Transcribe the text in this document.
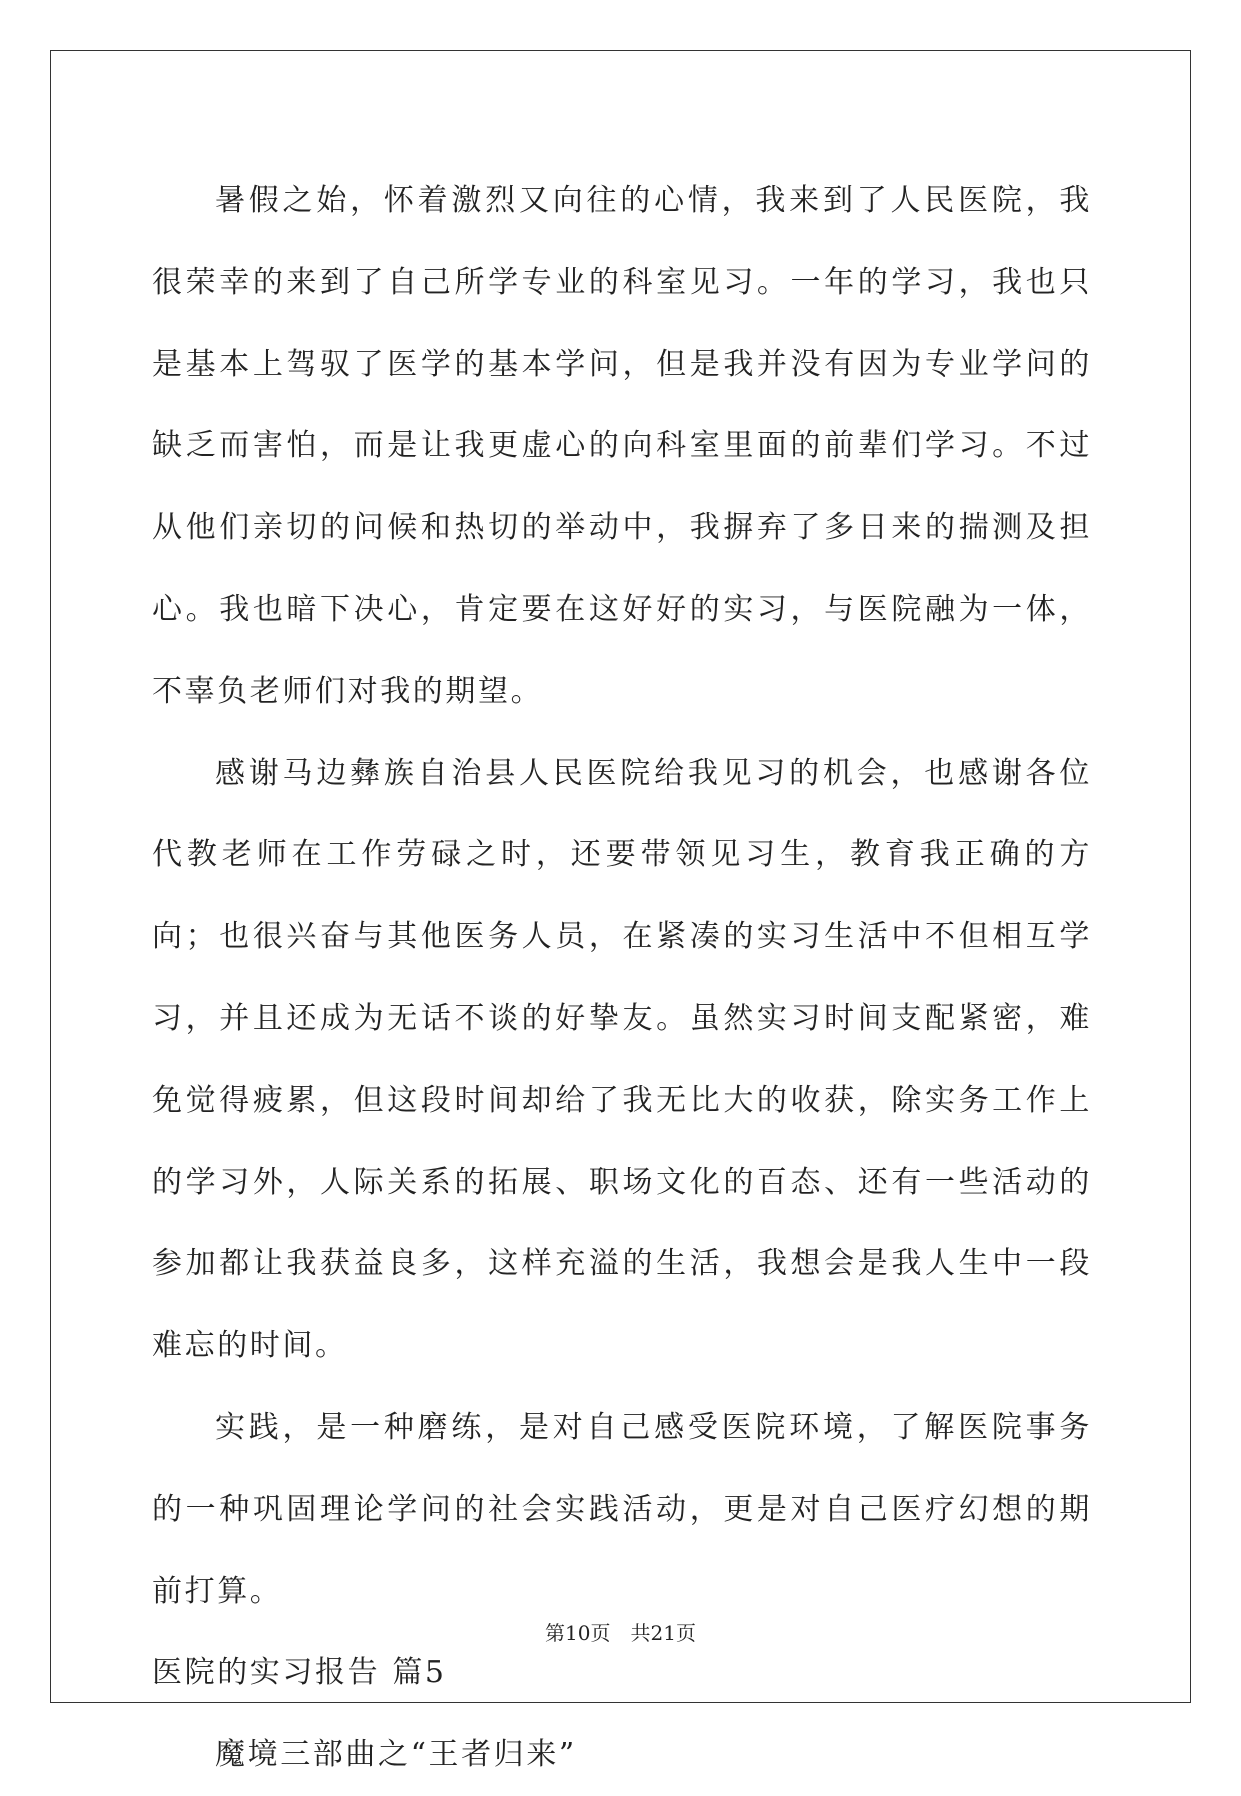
暑假之始，怀着激烈又向往的心情，我来到了人民医院，我很荣幸的来到了自己所学专业的科室见习。一年的学习，我也只是基本上驾驭了医学的基本学问，但是我并没有因为专业学问的缺乏而害怕，而是让我更虚心的向科室里面的前辈们学习。不过从他们亲切的问候和热切的举动中，我摒弃了多日来的揣测及担心。我也暗下决心，肯定要在这好好的实习，与医院融为一体，不辜负老师们对我的期望。

感谢马边彝族自治县人民医院给我见习的机会，也感谢各位代教老师在工作劳碌之时，还要带领见习生，教育我正确的方向；也很兴奋与其他医务人员，在紧凑的实习生活中不但相互学习，并且还成为无话不谈的好挚友。虽然实习时间支配紧密，难免觉得疲累，但这段时间却给了我无比大的收获，除实务工作上的学习外，人际关系的拓展、职场文化的百态、还有一些活动的参加都让我获益良多，这样充溢的生活，我想会是我人生中一段难忘的时间。

实践，是一种磨练，是对自己感受医院环境，了解医院事务的一种巩固理论学问的社会实践活动，更是对自己医疗幻想的期前打算。

医院的实习报告 篇5

魔境三部曲之“王者归来”

第10页 共21页
